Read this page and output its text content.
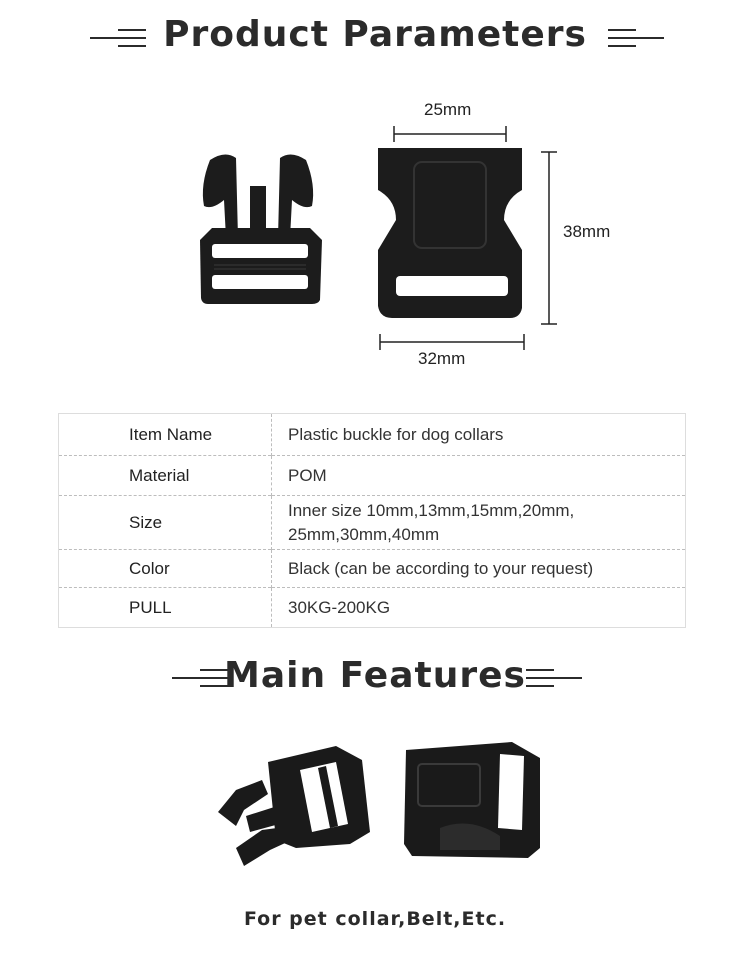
Product Parameters
25mm
38mm
32mm
Item Name	Plastic buckle for dog collars
Material	POM
Size	Inner size 10mm,13mm,15mm,20mm,
25mm,30mm,40mm

Color	Black (can be according to your request)
PULL	30KG-200KG
Main Features
For pet collar,Belt,Etc.
